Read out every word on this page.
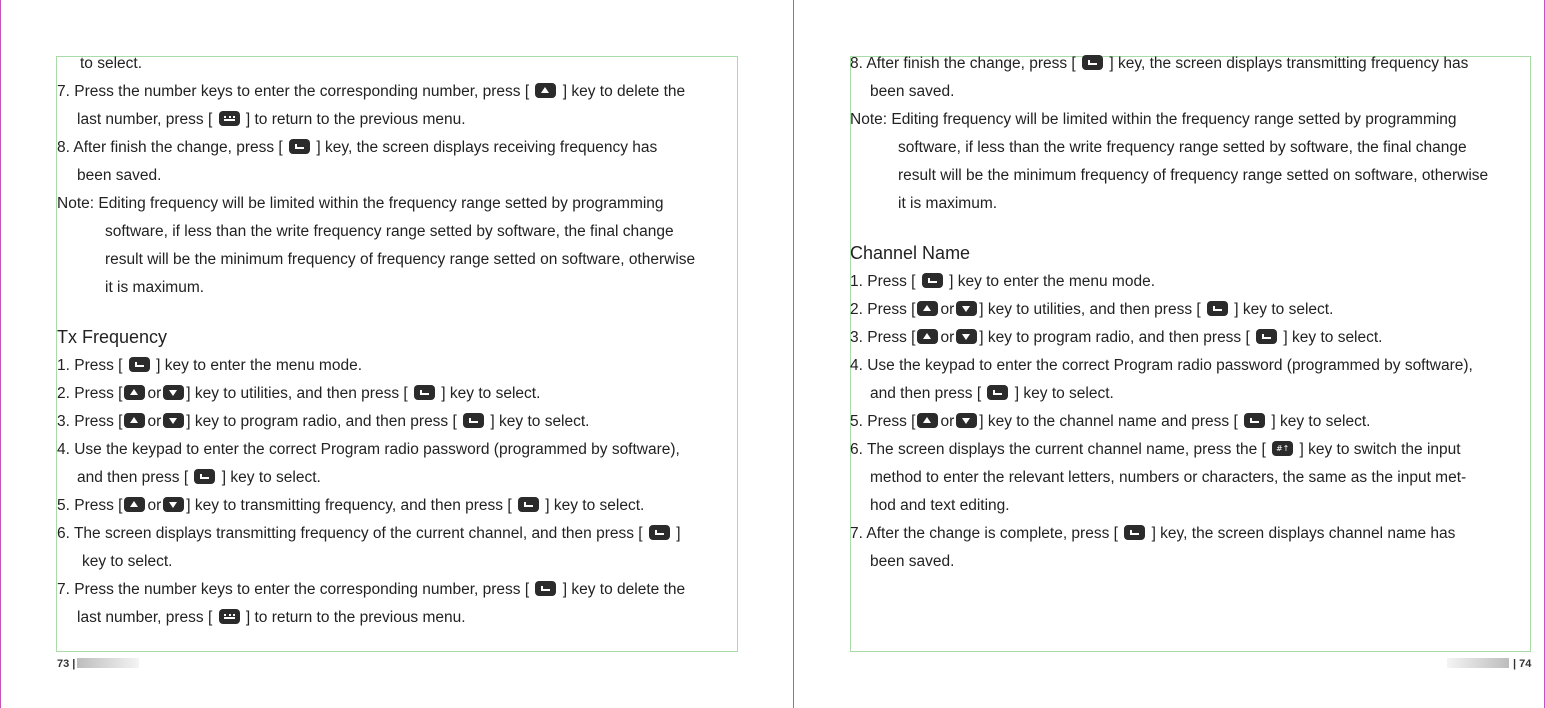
to select.
7. Press the number keys to enter the corresponding number, press [  ] key to delete the
last number, press [  ] to return to the previous menu.
8. After finish the change, press [  ] key, the screen displays receiving frequency has
been saved.
Note: Editing frequency will be limited within the frequency range setted by programming
software, if less than the write frequency range setted by software, the final change
result will be the minimum frequency of frequency range setted on software, otherwise
it is maximum.
Tx Frequency
1. Press [  ] key to enter the menu mode.
2. Press [ or ] key to utilities, and then press [  ] key to select.
3. Press [ or ] key to program radio, and then press [  ] key to select.
4. Use the keypad to enter the correct Program radio password (programmed by software),
and then press [  ] key to select.
5. Press [ or ] key to transmitting frequency, and then press [  ] key to select.
6. The screen displays transmitting frequency of the current channel, and then press [  ]
key to select.
7. Press the number keys to enter the corresponding number, press [  ] key to delete the
last number, press [  ] to return to the previous menu.
73 |
8. After finish the change, press [  ] key, the screen displays transmitting frequency has
been saved.
Note: Editing frequency will be limited within the frequency range setted by programming
software, if less than the write frequency range setted by software, the final change
result will be the minimum frequency of frequency range setted on software, otherwise
it is maximum.
Channel Name
1. Press [  ] key to enter the menu mode.
2. Press [ or ] key to utilities, and then press [  ] key to select.
3. Press [ or ] key to program radio, and then press [  ] key to select.
4. Use the keypad to enter the correct Program radio password (programmed by software),
and then press [  ] key to select.
5. Press [ or ] key to the channel name and press [  ] key to select.
6. The screen displays the current channel name, press the [ #↑ ] key to switch the input
method to enter the relevant letters, numbers or characters, the same as the input met-
hod and text editing.
7. After the change is complete, press [  ] key, the screen displays channel name has
been saved.
| 74
